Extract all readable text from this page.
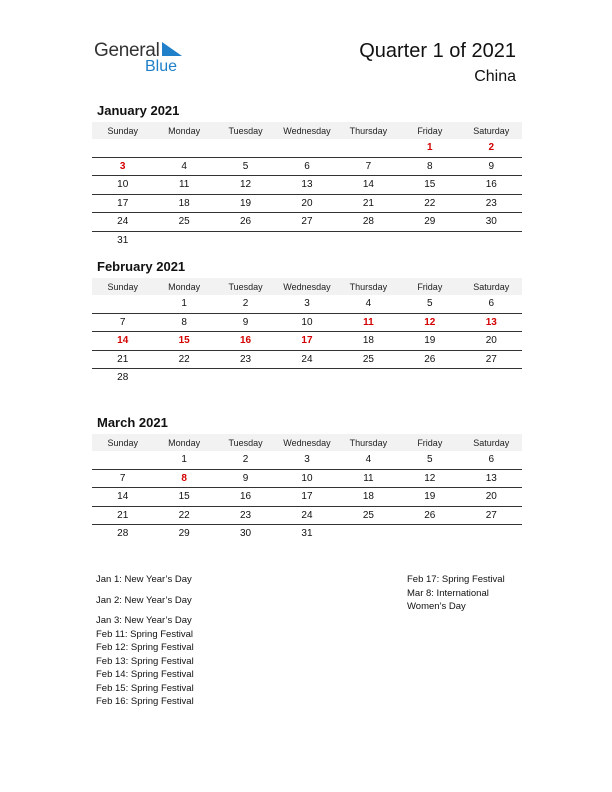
General
Blue
Quarter 1 of 2021
China
January 2021
Sunday	Monday	Tuesday	Wednesday	Thursday	Friday	Saturday
					1	2
3	4	5	6	7	8	9
10	11	12	13	14	15	16
17	18	19	20	21	22	23
24	25	26	27	28	29	30
31						
February 2021
Sunday	Monday	Tuesday	Wednesday	Thursday	Friday	Saturday
	1	2	3	4	5	6
7	8	9	10	11	12	13
14	15	16	17	18	19	20
21	22	23	24	25	26	27
28						
March 2021
Sunday	Monday	Tuesday	Wednesday	Thursday	Friday	Saturday
	1	2	3	4	5	6
7	8	9	10	11	12	13
14	15	16	17	18	19	20
21	22	23	24	25	26	27
28	29	30	31			
Jan 1: New Year’s Day
Jan 2: New Year’s Day
Jan 3: New Year’s Day
Feb 11: Spring Festival
Feb 12: Spring Festival
Feb 13: Spring Festival
Feb 14: Spring Festival
Feb 15: Spring Festival
Feb 16: Spring Festival
Feb 17: Spring Festival
Mar 8: International Women’s Day
